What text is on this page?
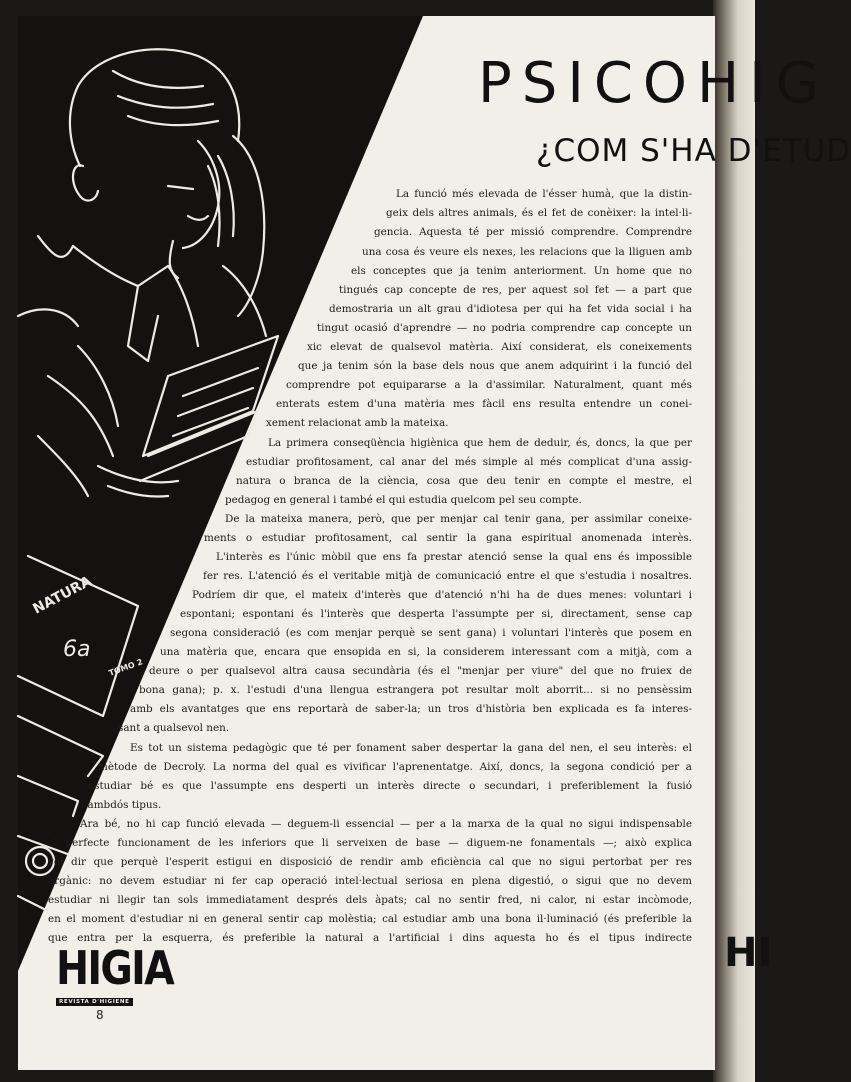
NATURA
6a
TOMO 2
PSICOHIG
¿COM S'HA D'ETUD
La funció més elevada de l'ésser humà, que la distin-
geix dels altres animals, és el fet de conèixer: la intel·li-
gencia. Aquesta té per missió comprendre. Comprendre
una cosa és veure els nexes, les relacions que la lliguen amb
els conceptes que ja tenim anteriorment. Un home que no
tingués cap concepte de res, per aquest sol fet — a part que
demostraria un alt grau d'idiotesa per qui ha fet vida social i ha
tingut ocasió d'aprendre — no podria comprendre cap concepte un
xic elevat de qualsevol matèria. Així considerat, els coneixements
que ja tenim són la base dels nous que anem adquirint i la funció del
comprendre pot equipararse a la d'assimilar. Naturalment, quant més
enterats estem d'una matèria mes fàcil ens resulta entendre un conei-
xement relacionat amb la mateixa.
La primera conseqüència higiènica que hem de deduir, és, doncs, la que per
estudiar profitosament, cal anar del més simple al més complicat d'una assig-
natura o branca de la ciència, cosa que deu tenir en compte el mestre, el
pedagog en general i també el qui estudia quelcom pel seu compte.
De la mateixa manera, però, que per menjar cal tenir gana, per assimilar coneixe-
ments o estudiar profitosament, cal sentir la gana espiritual anomenada interès.
L'interès es l'únic mòbil que ens fa prestar atenció sense la qual ens és impossible
fer res. L'atenció és el veritable mitjà de comunicació entre el que s'estudia i nosaltres.
Podríem dir que, el mateix d'interès que d'atenció n'hi ha de dues menes: voluntari i
espontani; espontani és l'interès que desperta l'assumpte per si, directament, sense cap
segona consideració (es com menjar perquè se sent gana) i voluntari l'interès que posem en
una matèria que, encara que ensopida en si, la considerem interessant com a mitjà, com a
deure o per qualsevol altra causa secundària (és el "menjar per viure" del que no fruiex de
bona gana); p. x. l'estudi d'una llengua estrangera pot resultar molt aborrit... si no pensèssim
amb els avantatges que ens reportarà de saber-la; un tros d'història ben explicada es fa interes-
sant a qualsevol nen.
Es tot un sistema pedagògic que té per fonament saber despertar la gana del nen, el seu interès: el
mètode de Decroly. La norma del qual es vivificar l'aprenentatge. Així, doncs, la segona condició per a
estudiar bé es que l'assumpte ens desperti un interès directe o secundari, i preferiblement la fusió
d'ambdós tipus.
Ara bé, no hi cap funció elevada — deguem-li essencial — per a la marxa de la qual no sigui indispensable
el perfecte funcionament de les inferiors que li serveixen de base — diguem-ne fonamentals —; això explica
vol dir que perquè l'esperit estigui en disposició de rendir amb eficiència cal que no sigui pertorbat per res
orgànic: no devem estudiar ni fer cap operació intel·lectual seriosa en plena digestió, o sigui que no devem
estudiar ni llegir tan sols immediatament després dels àpats; cal no sentir fred, ni calor, ni estar incòmode,
en el moment d'estudiar ni en general sentir cap molèstia; cal estudiar amb una bona il·luminació (és preferible la
que entra per la esquerra, és preferible la natural a l'artificial i dins aquesta ho és el tipus indirecte
HIGIA
REVISTA D'HIGIENE
8
HI
